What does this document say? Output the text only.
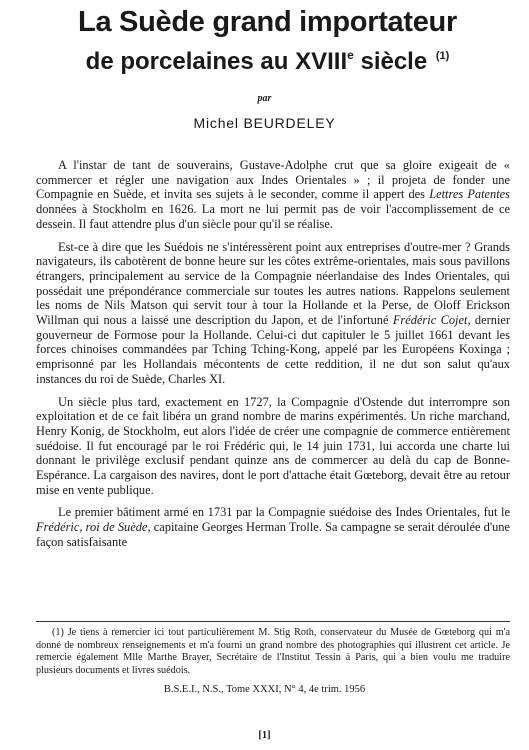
La Suède grand importateur
de porcelaines au XVIIIe siècle $^{(1)}$
par
Michel BEURDELEY

A l'instar de tant de souverains, Gustave-Adolphe crut que sa gloire exigeait de « commercer et régler une navigation aux Indes Orientales » ; il projeta de fonder une Compagnie en Suède, et invita ses sujets à le seconder, comme il appert des Lettres Patentes données à Stockholm en 1626. La mort ne lui permit pas de voir l'accomplissement de ce dessein. Il faut attendre plus d'un siècle pour qu'il se réalise.

Est-ce à dire que les Suédois ne s'intéressèrent point aux entreprises d'outre-mer ? Grands navigateurs, ils cabotèrent de bonne heure sur les côtes extrême-orientales, mais sous pavillons étrangers, principalement au service de la Compagnie néerlandaise des Indes Orientales, qui possédait une prépondérance commerciale sur toutes les autres nations. Rappelons seulement les noms de Nils Matson qui servit tour à tour la Hollande et la Perse, de Oloff Erickson Willman qui nous a laissé une description du Japon, et de l'infortuné Frédéric Cojet, dernier gouverneur de Formose pour la Hollande. Celui-ci dut capituler le 5 juillet 1661 devant les forces chinoises commandées par Tching Tching-Kong, appelé par les Européens Koxinga ; emprisonné par les Hollandais mécontents de cette reddition, il ne dut son salut qu'aux instances du roi de Suède, Charles XI.

Un siècle plus tard, exactement en 1727, la Compagnie d'Ostende dut interrompre son exploitation et de ce fait libéra un grand nombre de marins expérimentés. Un riche marchand, Henry Konig, de Stockholm, eut alors l'idée de créer une compagnie de commerce entièrement suédoise. Il fut encouragé par le roi Frédéric qui, le 14 juin 1731, lui accorda une charte lui donnant le privilège exclusif pendant quinze ans de commercer au delà du cap de Bonne-Espérance. La cargaison des navires, dont le port d'attache était Gœteborg, devait être au retour mise en vente publique.

Le premier bâtiment armé en 1731 par la Compagnie suédoise des Indes Orientales, fut le Frédéric, roi de Suède, capitaine Georges Herman Trolle. Sa campagne se serait déroulée d'une façon satisfaisante

(1) Je tiens à remercier ici tout particulièrement M. Stig Roth, conservateur du Musée de Gœteborg qui m'a donné de nombreux renseignements et m'a fourni un grand nombre des photographies qui illustrent cet article. Je remercie également Mlle Marthe Brayer, Secrétaire de l'Institut Tessin à Paris, qui a bien voulu me traduire plusieurs documents et livres suédois.
B.S.E.I., N.S., Tome XXXI, N° 4, 4e trim. 1956
[1]
